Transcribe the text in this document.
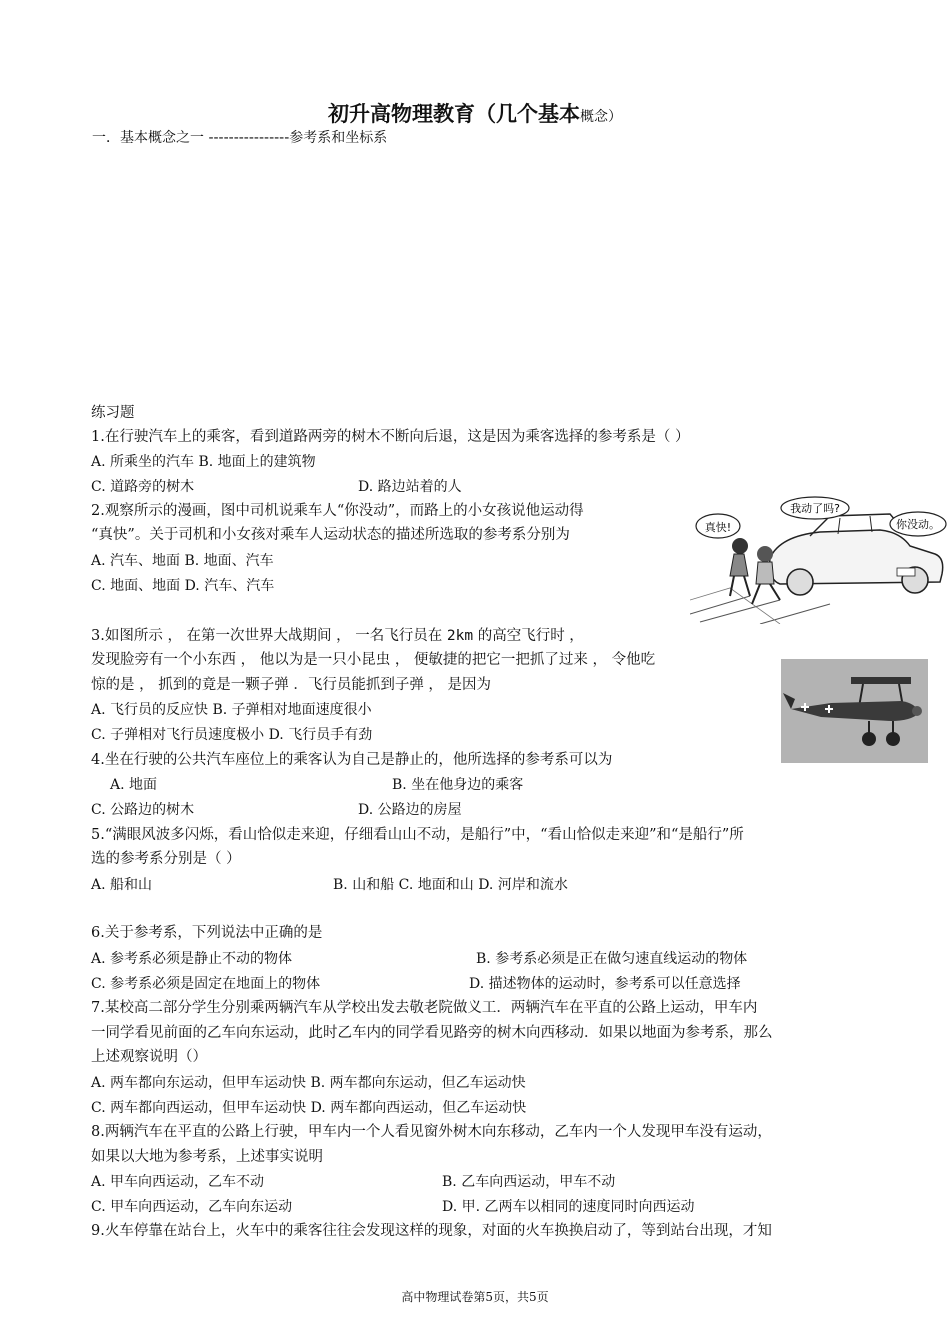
初升高物理教育（几个基本概念）
一．基本概念之一 ----------------参考系和坐标系
练习题
1.在行驶汽车上的乘客，看到道路两旁的树木不断向后退，这是因为乘客选择的参考系是（ ）
A. 所乘坐的汽车 B. 地面上的建筑物
C. 道路旁的树木	D. 路边站着的人
2.观察所示的漫画，图中司机说乘车人“你没动”，而路上的小女孩说他运动得
“真快”。关于司机和小女孩对乘车人运动状态的描述所选取的参考系分别为
A. 汽车、地面 B. 地面、汽车
C. 地面、地面 D. 汽车、汽车
真快!
我动了吗?
你没动。
3.如图所示 ， 在第一次世界大战期间 ， 一名飞行员在 2km 的高空飞行时 ，
发现脸旁有一个小东西 ， 他以为是一只小昆虫 ， 便敏捷的把它一把抓了过来 ， 令他吃
惊的是 ， 抓到的竟是一颗子弹 ．飞行员能抓到子弹 ， 是因为
A. 飞行员的反应快 B. 子弹相对地面速度很小
C. 子弹相对飞行员速度极小 D. 飞行员手有劲
4.坐在行驶的公共汽车座位上的乘客认为自己是静止的，他所选择的参考系可以为
A. 地面	B. 坐在他身边的乘客
C. 公路边的树木	D. 公路边的房屋
5.“满眼风波多闪烁，看山恰似走来迎，仔细看山山不动，是船行”中，“看山恰似走来迎”和“是船行”所
选的参考系分别是（ ）
A. 船和山	B. 山和船 C. 地面和山 D. 河岸和流水
6.关于参考系，下列说法中正确的是
A. 参考系必须是静止不动的物体	B. 参考系必须是正在做匀速直线运动的物体
C. 参考系必须是固定在地面上的物体	D. 描述物体的运动时，参考系可以任意选择
7.某校高二部分学生分别乘两辆汽车从学校出发去敬老院做义工．两辆汽车在平直的公路上运动，甲车内
一同学看见前面的乙车向东运动，此时乙车内的同学看见路旁的树木向西移动．如果以地面为参考系，那么
上述观察说明（）
A. 两车都向东运动，但甲车运动快 B. 两车都向东运动，但乙车运动快
C. 两车都向西运动，但甲车运动快 D. 两车都向西运动，但乙车运动快
8.两辆汽车在平直的公路上行驶，甲车内一个人看见窗外树木向东移动，乙车内一个人发现甲车没有运动，
如果以大地为参考系，上述事实说明
A. 甲车向西运动，乙车不动	B. 乙车向西运动，甲车不动
C. 甲车向西运动，乙车向东运动	D. 甲. 乙两车以相同的速度同时向西运动
9.火车停靠在站台上，火车中的乘客往往会发现这样的现象，对面的火车换换启动了，等到站台出现，才知
高中物理试卷第5页，共5页
